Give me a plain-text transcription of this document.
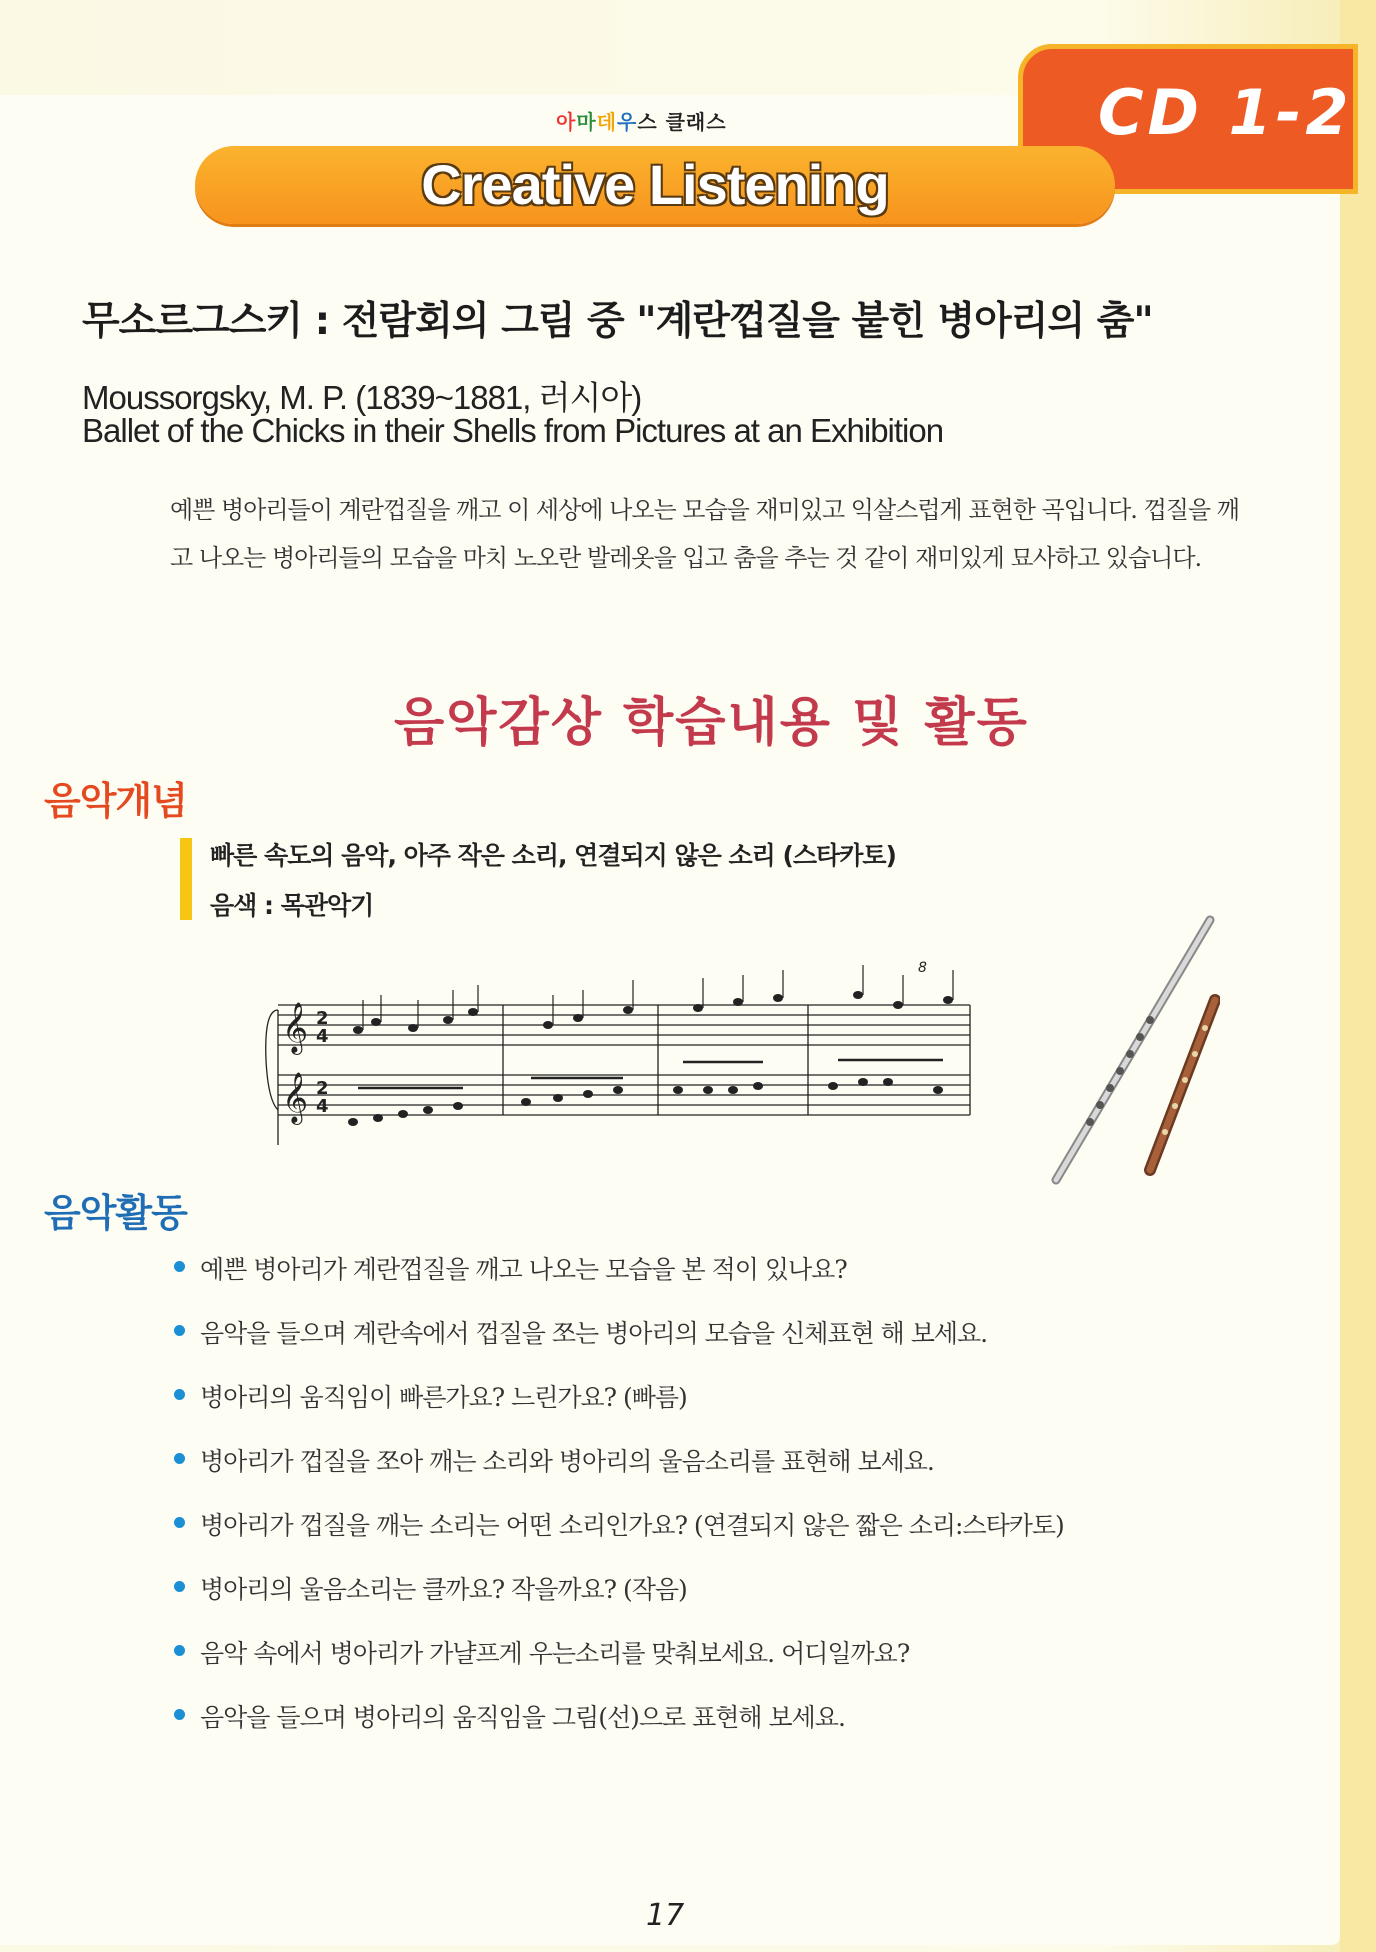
CD 1-2
아마데우스 클래스
Creative Listening
무소르그스키 : 전람회의 그림 중 "계란껍질을 붙힌 병아리의 춤"
Moussorgsky, M. P. (1839~1881, 러시아)
Ballet of the Chicks in their Shells from Pictures at an Exhibition
예쁜 병아리들이 계란껍질을 깨고 이 세상에 나오는 모습을 재미있고 익살스럽게 표현한 곡입니다. 껍질을 깨고 나오는 병아리들의 모습을 마치 노오란 발레옷을 입고 춤을 추는 것 같이 재미있게 묘사하고 있습니다.
음악감상 학습내용 및 활동
음악개념
빠른 속도의 음악, 아주 작은 소리, 연결되지 않은 소리 (스타카토)
음색 : 목관악기
𝄞
𝄞
2
4
2
4
8
음악활동
예쁜 병아리가 계란껍질을 깨고 나오는 모습을 본 적이 있나요?
음악을 들으며 계란속에서 껍질을 쪼는 병아리의 모습을 신체표현 해 보세요.
병아리의 움직임이 빠른가요? 느린가요? (빠름)
병아리가 껍질을 쪼아 깨는 소리와 병아리의 울음소리를 표현해 보세요.
병아리가 껍질을 깨는 소리는 어떤 소리인가요? (연결되지 않은 짧은 소리:스타카토)
병아리의 울음소리는 클까요? 작을까요? (작음)
음악 속에서 병아리가 가냘프게 우는소리를 맞춰보세요. 어디일까요?
음악을 들으며 병아리의 움직임을 그림(선)으로 표현해 보세요.
17
